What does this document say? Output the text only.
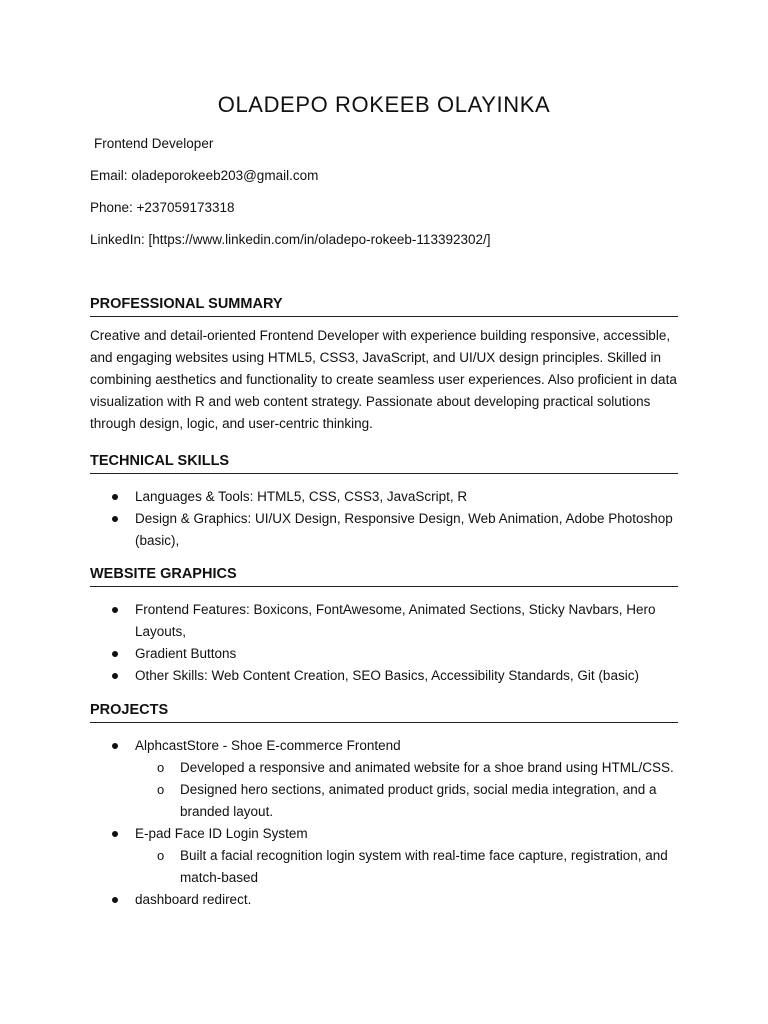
OLADEPO ROKEEB OLAYINKA

Frontend Developer

Email: oladeporokeeb203@gmail.com

Phone: +237059173318

LinkedIn: [https://www.linkedin.com/in/oladepo-rokeeb-113392302/]

PROFESSIONAL SUMMARY

Creative and detail-oriented Frontend Developer with experience building responsive, accessible, and engaging websites using HTML5, CSS3, JavaScript, and UI/UX design principles. Skilled in combining aesthetics and functionality to create seamless user experiences. Also proficient in data visualization with R and web content strategy. Passionate about developing practical solutions through design, logic, and user-centric thinking.

TECHNICAL SKILLS
Languages & Tools: HTML5, CSS, CSS3, JavaScript, R
Design & Graphics: UI/UX Design, Responsive Design, Web Animation, Adobe Photoshop (basic),
WEBSITE GRAPHICS
Frontend Features: Boxicons, FontAwesome, Animated Sections, Sticky Navbars, Hero Layouts,
Gradient Buttons
Other Skills: Web Content Creation, SEO Basics, Accessibility Standards, Git (basic)
PROJECTS
AlphcastStore - Shoe E-commerce Frontend
o Developed a responsive and animated website for a shoe brand using HTML/CSS.
o Designed hero sections, animated product grids, social media integration, and a branded layout.
E-pad Face ID Login System
o Built a facial recognition login system with real-time face capture, registration, and match-based
dashboard redirect.
